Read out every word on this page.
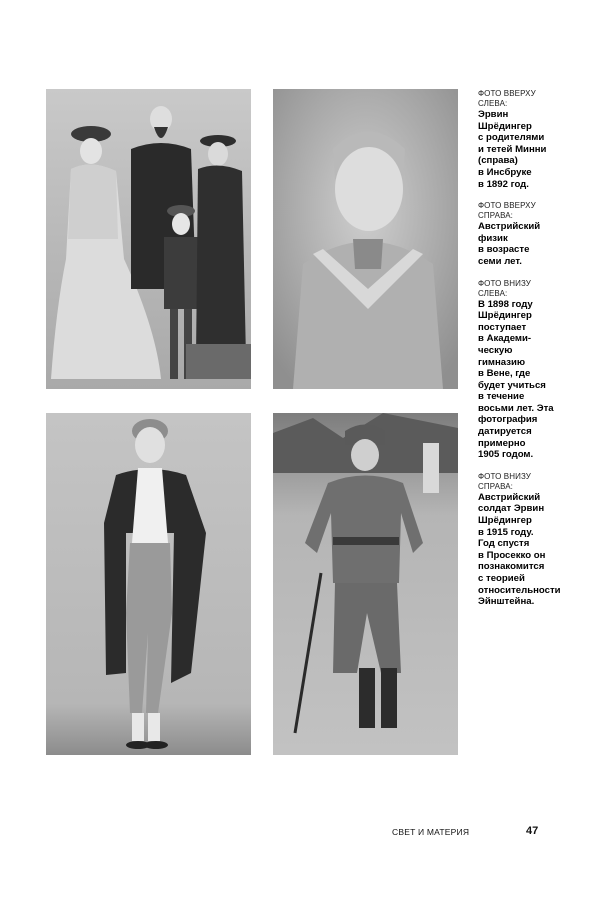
ФОТО ВВЕРХУ
СЛЕВА:
Эрвин
Шрёдингер
с родителями
и тетей Минни
(справа)
в Инсбруке
в 1892 год.
ФОТО ВВЕРХУ
СПРАВА:
Австрийский
физик
в возрасте
семи лет.
ФОТО ВНИЗУ
СЛЕВА:
В 1898 году
Шрёдингер
поступает
в Академи-
ческую
гимназию
в Вене, где
будет учиться
в течение
восьми лет. Эта
фотография
датируется
примерно
1905 годом.
ФОТО ВНИЗУ
СПРАВА:
Австрийский
солдат Эрвин
Шрёдингер
в 1915 году.
Год спустя
в Просекко он
познакомится
с теорией
относительности
Эйнштейна.
СВЕТ И МАТЕРИЯ	47
